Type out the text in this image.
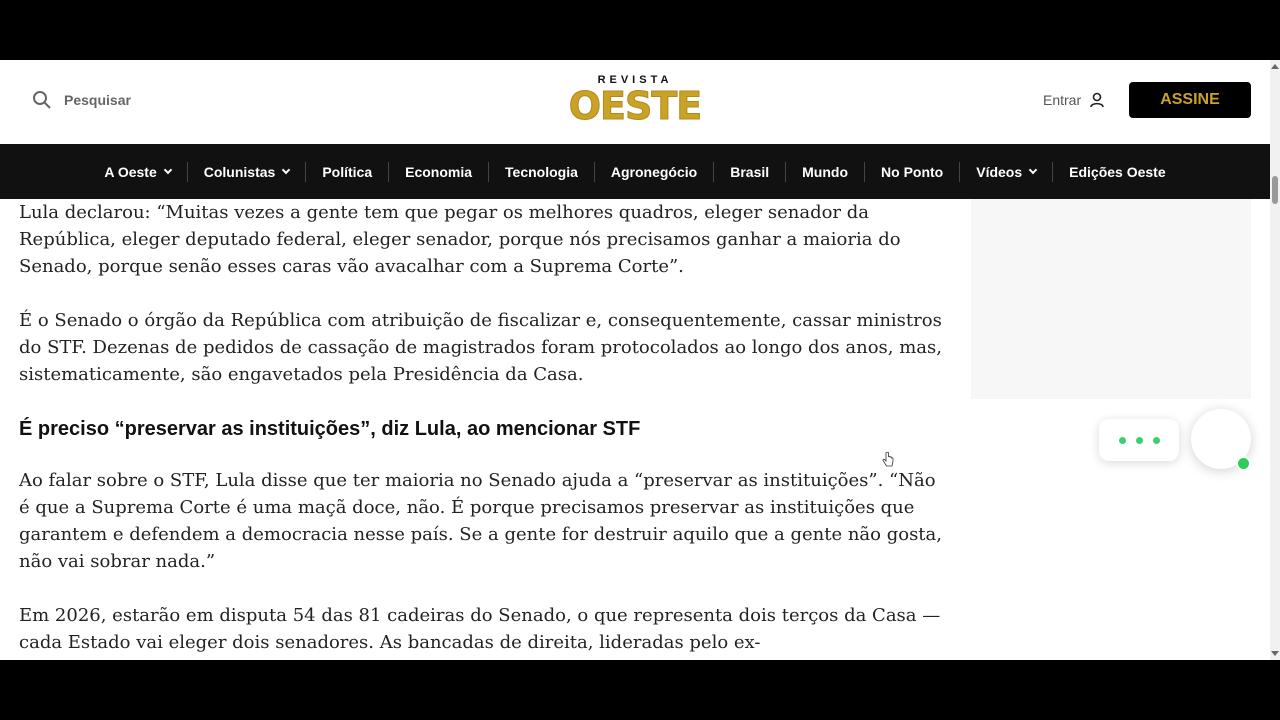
Pesquisar
REVISTA
OESTE	Entrar	ASSINE
A Oeste	Colunistas	Política Economia Tecnologia Agronegócio Brasil Mundo No Ponto Vídeos	Edições Oeste

Lula declarou: “Muitas vezes a gente tem que pegar os melhores quadros, eleger senador da República, eleger deputado federal, eleger senador, porque nós precisamos ganhar a maioria do Senado, porque senão esses caras vão avacalhar com a Suprema Corte”.

É o Senado o órgão da República com atribuição de fiscalizar e, consequentemente, cassar ministros do STF. Dezenas de pedidos de cassação de magistrados foram protocolados ao longo dos anos, mas, sistematicamente, são engavetados pela Presidência da Casa.

É preciso “preservar as instituições”, diz Lula, ao mencionar STF

Ao falar sobre o STF, Lula disse que ter maioria no Senado ajuda a “preservar as instituições”. “Não é que a Suprema Corte é uma maçã doce, não. É porque precisamos preservar as instituições que garantem e defendem a democracia nesse país. Se a gente for destruir aquilo que a gente não gosta, não vai sobrar nada.”

Em 2026, estarão em disputa 54 das 81 cadeiras do Senado, o que representa dois terços da Casa — cada Estado vai eleger dois senadores. As bancadas de direita, lideradas pelo ex-
